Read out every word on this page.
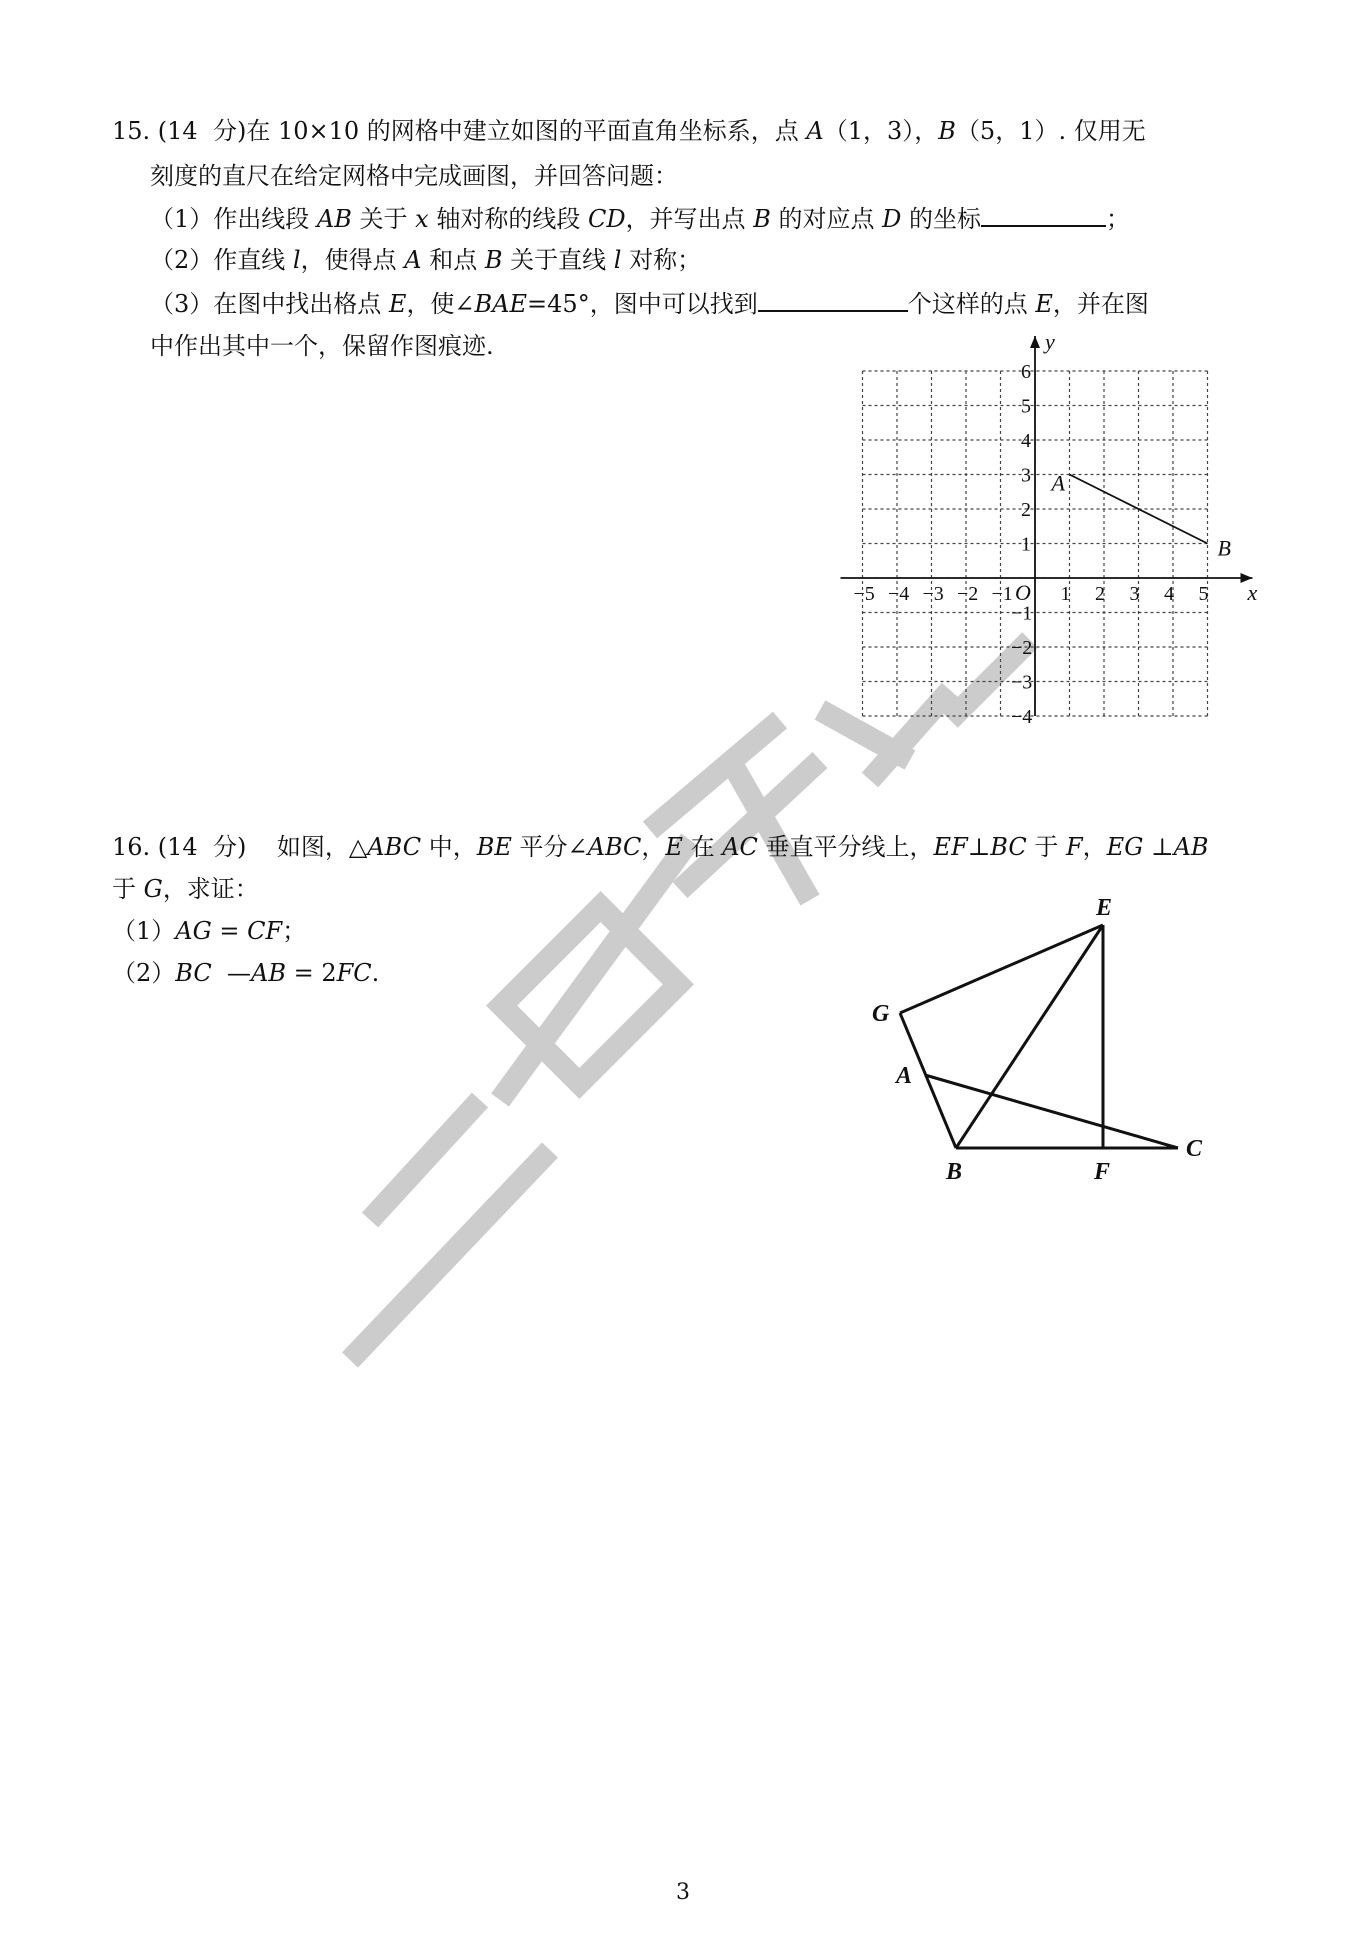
二中专训
15. (14  分)在 10×10 的网格中建立如图的平面直角坐标系，点 A（1，3），B（5，1）. 仅用无
刻度的直尺在给定网格中完成画图，并回答问题：
（1）作出线段 AB 关于 x 轴对称的线段 CD，并写出点 B 的对应点 D 的坐标	；
（2）作直线 l，使得点 A 和点 B 关于直线 l 对称；
（3）在图中找出格点 E，使∠BAE=45°，图中可以找到	个这样的点 E，并在图
中作出其中一个，保留作图痕迹.
x
y
O
−5 −4 −3 −2 −1 1 2 3 4 5
6
5
4
3
2
1
−1
−2
−3
−4
A
B
16. (14  分)    如图，△ABC 中，BE 平分∠ABC，E 在 AC 垂直平分线上，EF⊥BC 于 F，EG ⊥AB
于 G，求证：
（1）AG = CF；
（2）BC  —AB = 2FC.
E
G
A
B	F
C
3
